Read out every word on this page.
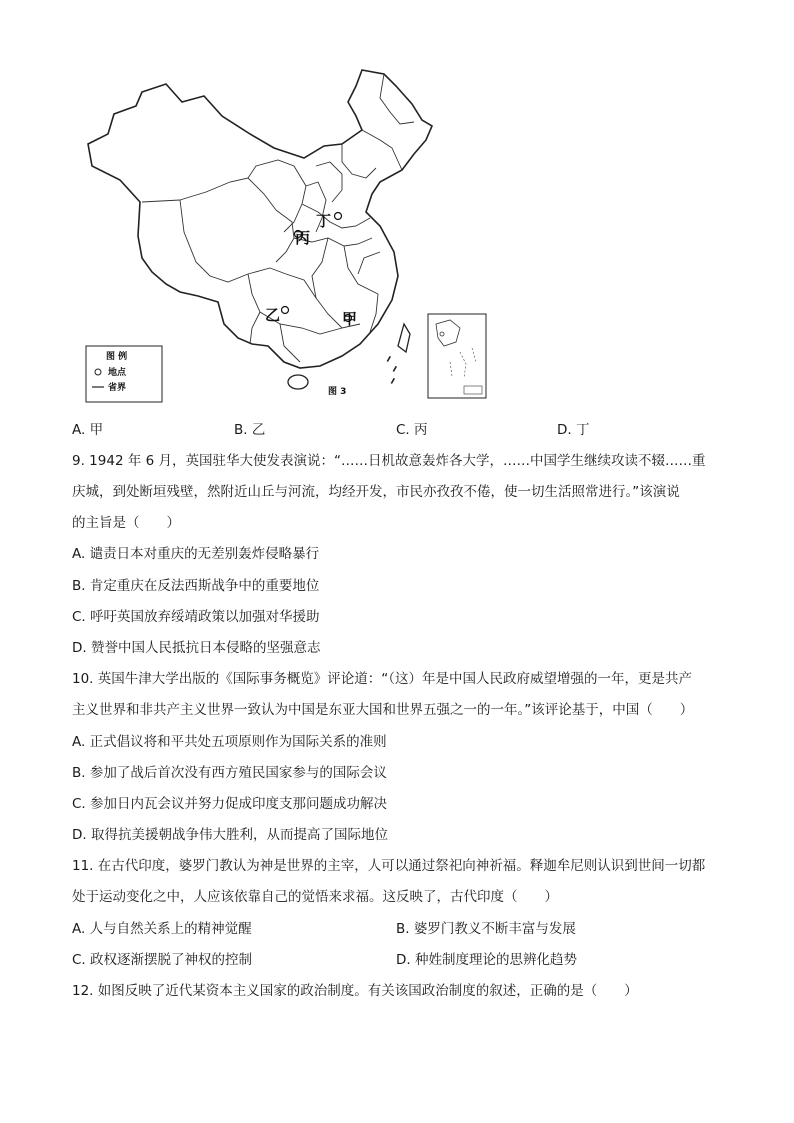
丙
丁
乙	甲
图 例
地点
省界	图 3
A. 甲	B. 乙	C. 丙	D. 丁
9. 1942 年 6 月，英国驻华大使发表演说：“……日机故意轰炸各大学，……中国学生继续攻读不辍……重
庆城，到处断垣残壁，然附近山丘与河流，均经开发，市民亦孜孜不倦，使一切生活照常进行。”该演说
的主旨是（　　）
A. 谴责日本对重庆的无差别轰炸侵略暴行
B. 肯定重庆在反法西斯战争中的重要地位
C. 呼吁英国放弃绥靖政策以加强对华援助
D. 赞誉中国人民抵抗日本侵略的坚强意志
10. 英国牛津大学出版的《国际事务概览》评论道：“（这）年是中国人民政府威望增强的一年，更是共产
主义世界和非共产主义世界一致认为中国是东亚大国和世界五强之一的一年。”该评论基于，中国（　　）
A. 正式倡议将和平共处五项原则作为国际关系的准则
B. 参加了战后首次没有西方殖民国家参与的国际会议
C. 参加日内瓦会议并努力促成印度支那问题成功解决
D. 取得抗美援朝战争伟大胜利，从而提高了国际地位
11. 在古代印度，婆罗门教认为神是世界的主宰，人可以通过祭祀向神祈福。释迦牟尼则认识到世间一切都
处于运动变化之中，人应该依靠自己的觉悟来求福。这反映了，古代印度（　　）
A. 人与自然关系上的精神觉醒	B. 婆罗门教义不断丰富与发展
C. 政权逐渐摆脱了神权的控制	D. 种姓制度理论的思辨化趋势
12. 如图反映了近代某资本主义国家的政治制度。有关该国政治制度的叙述，正确的是（　　）
